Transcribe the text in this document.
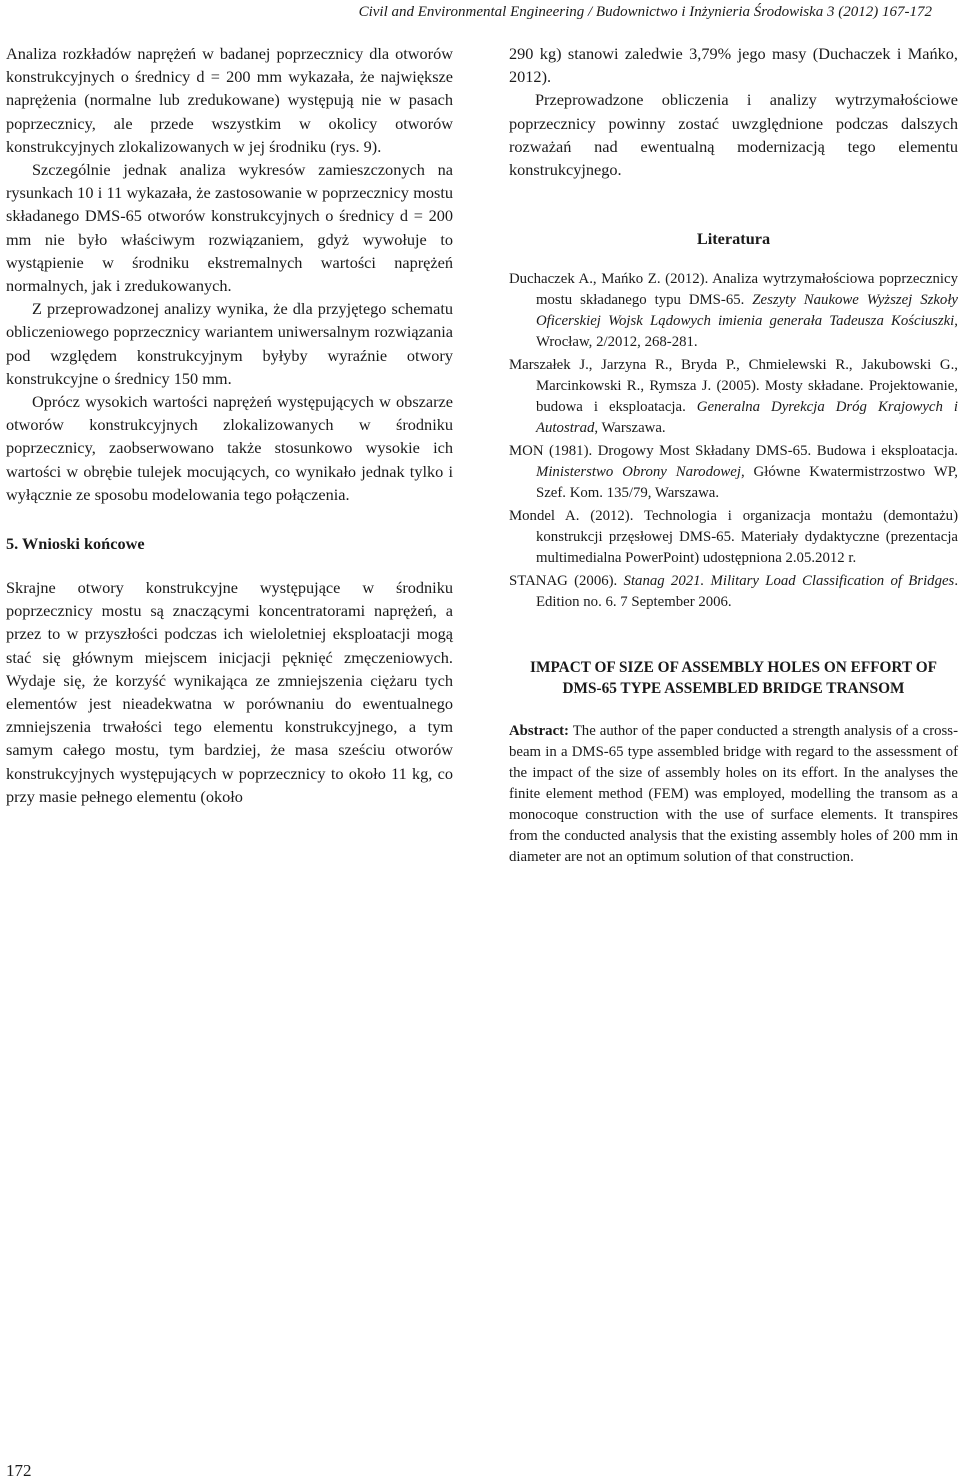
Civil and Environmental Engineering / Budownictwo i Inżynieria Środowiska 3 (2012) 167-172

Analiza rozkładów naprężeń w badanej poprzecznicy dla otworów konstrukcyjnych o średnicy d = 200 mm wykazała, że największe naprężenia (normalne lub zredukowane) występują nie w pasach poprzecznicy, ale przede wszystkim w okolicy otworów konstrukcyjnych zlokalizowanych w jej środniku (rys. 9).

Szczególnie jednak analiza wykresów zamieszczonych na rysunkach 10 i 11 wykazała, że zastosowanie w poprzecznicy mostu składanego DMS-65 otworów konstrukcyjnych o średnicy d = 200 mm nie było właściwym rozwiązaniem, gdyż wywołuje to wystąpienie w środniku ekstremalnych wartości naprężeń normalnych, jak i zredukowanych.

Z przeprowadzonej analizy wynika, że dla przyjętego schematu obliczeniowego poprzecznicy wariantem uniwersalnym rozwiązania pod względem konstrukcyjnym byłyby wyraźnie otwory konstrukcyjne o średnicy 150 mm.

Oprócz wysokich wartości naprężeń występujących w obszarze otworów konstrukcyjnych zlokalizowanych w środniku poprzecznicy, zaobserwowano także stosunkowo wysokie ich wartości w obrębie tulejek mocujących, co wynikało jednak tylko i wyłącznie ze sposobu modelowania tego połączenia.

5. Wnioski końcowe

Skrajne otwory konstrukcyjne występujące w środniku poprzecznicy mostu są znaczącymi koncentratorami naprężeń, a przez to w przyszłości podczas ich wieloletniej eksploatacji mogą stać się głównym miejscem inicjacji pęknięć zmęczeniowych. Wydaje się, że korzyść wynikająca ze zmniejszenia ciężaru tych elementów jest nieadekwatna w porównaniu do ewentualnego zmniejszenia trwałości tego elementu konstrukcyjnego, a tym samym całego mostu, tym bardziej, że masa sześciu otworów konstrukcyjnych występujących w poprzecznicy to około 11 kg, co przy masie pełnego elementu (około

290 kg) stanowi zaledwie 3,79% jego masy (Duchaczek i Mańko, 2012).

Przeprowadzone obliczenia i analizy wytrzymałościowe poprzecznicy powinny zostać uwzględnione podczas dalszych rozważań nad ewentualną modernizacją tego elementu konstrukcyjnego.

Literatura
Duchaczek A., Mańko Z. (2012). Analiza wytrzymałościowa poprzecznicy mostu składanego typu DMS-65. Zeszyty Naukowe Wyższej Szkoły Oficerskiej Wojsk Lądowych imienia generała Tadeusza Kościuszki, Wrocław, 2/2012, 268-281.
Marszałek J., Jarzyna R., Bryda P., Chmielewski R., Jakubowski G., Marcinkowski R., Rymsza J. (2005). Mosty składane. Projektowanie, budowa i eksploatacja. Generalna Dyrekcja Dróg Krajowych i Autostrad, Warszawa.
MON (1981). Drogowy Most Składany DMS-65. Budowa i eksploatacja. Ministerstwo Obrony Narodowej, Główne Kwatermistrzostwo WP, Szef. Kom. 135/79, Warszawa.
Mondel A. (2012). Technologia i organizacja montażu (demontażu) konstrukcji przęsłowej DMS-65. Materiały dydaktyczne (prezentacja multimedialna PowerPoint) udostępniona 2.05.2012 r.
STANAG (2006). Stanag 2021. Military Load Classification of Bridges. Edition no. 6. 7 September 2006.
IMPACT OF SIZE OF ASSEMBLY HOLES ON EFFORT OF DMS-65 TYPE ASSEMBLED BRIDGE TRANSOM
Abstract: The author of the paper conducted a strength analysis of a cross-beam in a DMS-65 type assembled bridge with regard to the assessment of the impact of the size of assembly holes on its effort. In the analyses the finite element method (FEM) was employed, modelling the transom as a monocoque construction with the use of surface elements. It transpires from the conducted analysis that the existing assembly holes of 200 mm in diameter are not an optimum solution of that construction.
172
